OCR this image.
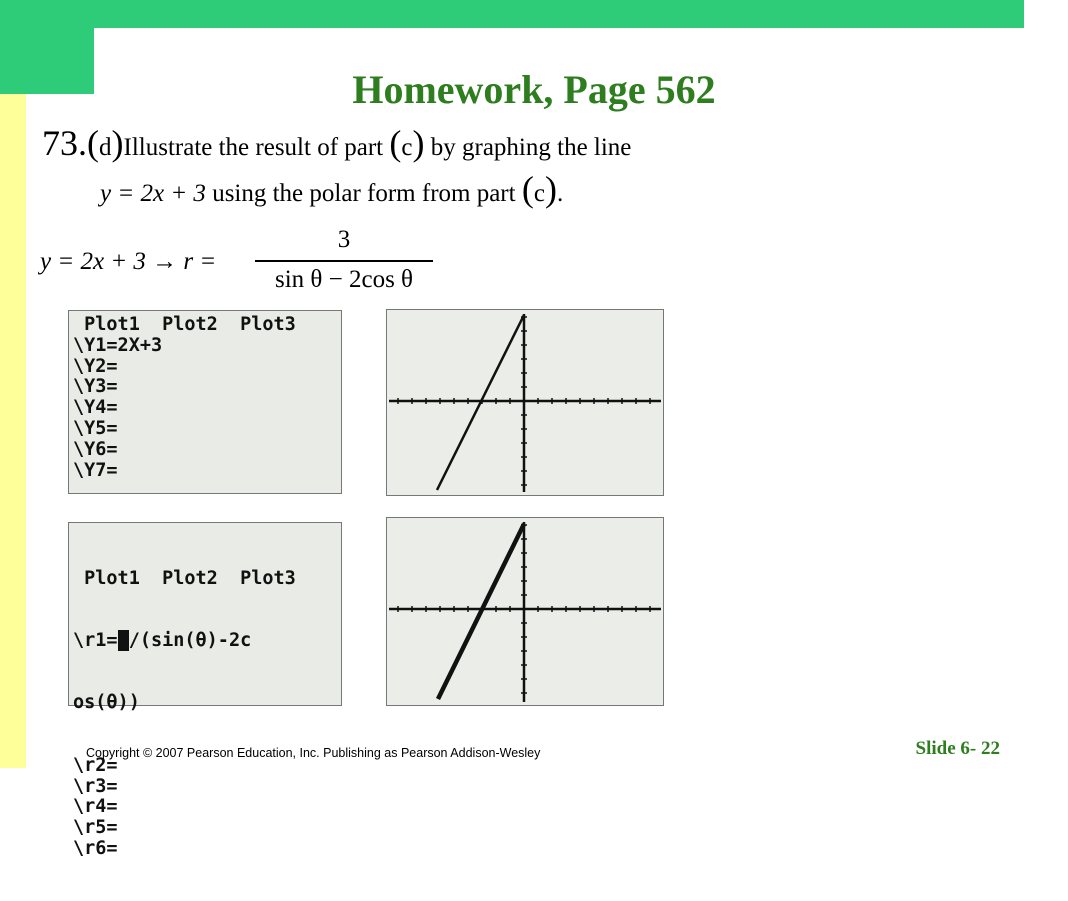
Homework, Page 562
73.(d)Illustrate the result of part (c) by graphing the line
y = 2x + 3 using the polar form from part (c).
y = 2x + 3 → r =
3
sin θ − 2cos θ
Plot1  Plot2  Plot3
\Y1=2X+3
\Y2=
\Y3=
\Y4=
\Y5=
\Y6=
\Y7=

Plot1  Plot2  Plot3

\r1=3/(sin(θ)-2c

os(θ))

\r2=
\r3=
\r4=
\r5=
\r6=

Copyright © 2007 Pearson Education, Inc. Publishing as Pearson Addison-Wesley	Slide 6- 22
